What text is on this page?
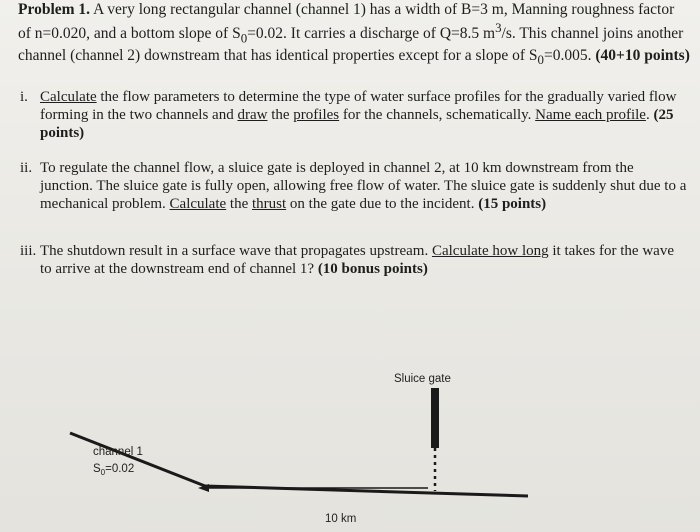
Problem 1. A very long rectangular channel (channel 1) has a width of B=3 m, Manning roughness factor of n=0.020, and a bottom slope of $S_0=0.02$. It carries a discharge of Q=8.5 $m^3/s$. This channel joins another channel (channel 2) downstream that has identical properties except for a slope of $S_0=0.005$. (40+10 points)
i. Calculate the flow parameters to determine the type of water surface profiles for the gradually varied flow forming in the two channels and draw the profiles for the channels, schematically. Name each profile. (25 points)
ii. To regulate the channel flow, a sluice gate is deployed in channel 2, at 10 km downstream from the junction. The sluice gate is fully open, allowing free flow of water. The sluice gate is suddenly shut due to a mechanical problem. Calculate the thrust on the gate due to the incident. (15 points)
iii. The shutdown result in a surface wave that propagates upstream. Calculate how long it takes for the wave to arrive at the downstream end of channel 1? (10 bonus points)
Sluice gate
channel 1
$S_0=0.02$
10 km
